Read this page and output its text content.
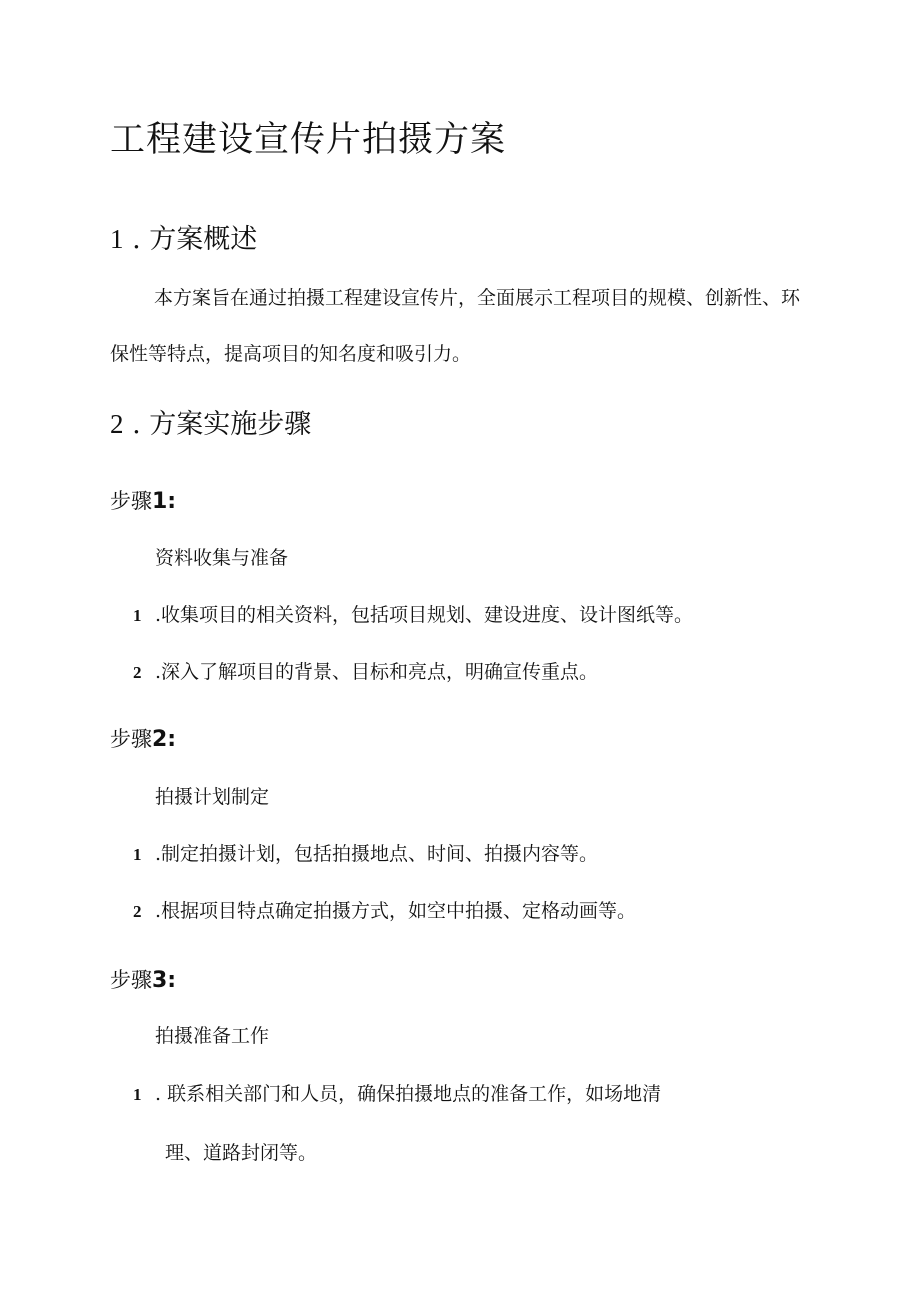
工程建设宣传片拍摄方案
1 . 方案概述
本方案旨在通过拍摄工程建设宣传片，全面展示工程项目的规模、创新性、环保性等特点，提高项目的知名度和吸引力。
2 . 方案实施步骤
步骤1:
资料收集与准备
1 .收集项目的相关资料，包括项目规划、建设进度、设计图纸等。
2 .深入了解项目的背景、目标和亮点，明确宣传重点。
步骤2:
拍摄计划制定
1 .制定拍摄计划，包括拍摄地点、时间、拍摄内容等。
2 .根据项目特点确定拍摄方式，如空中拍摄、定格动画等。
步骤3:
拍摄准备工作
1 . 联系相关部门和人员，确保拍摄地点的准备工作，如场地清
理、道路封闭等。
